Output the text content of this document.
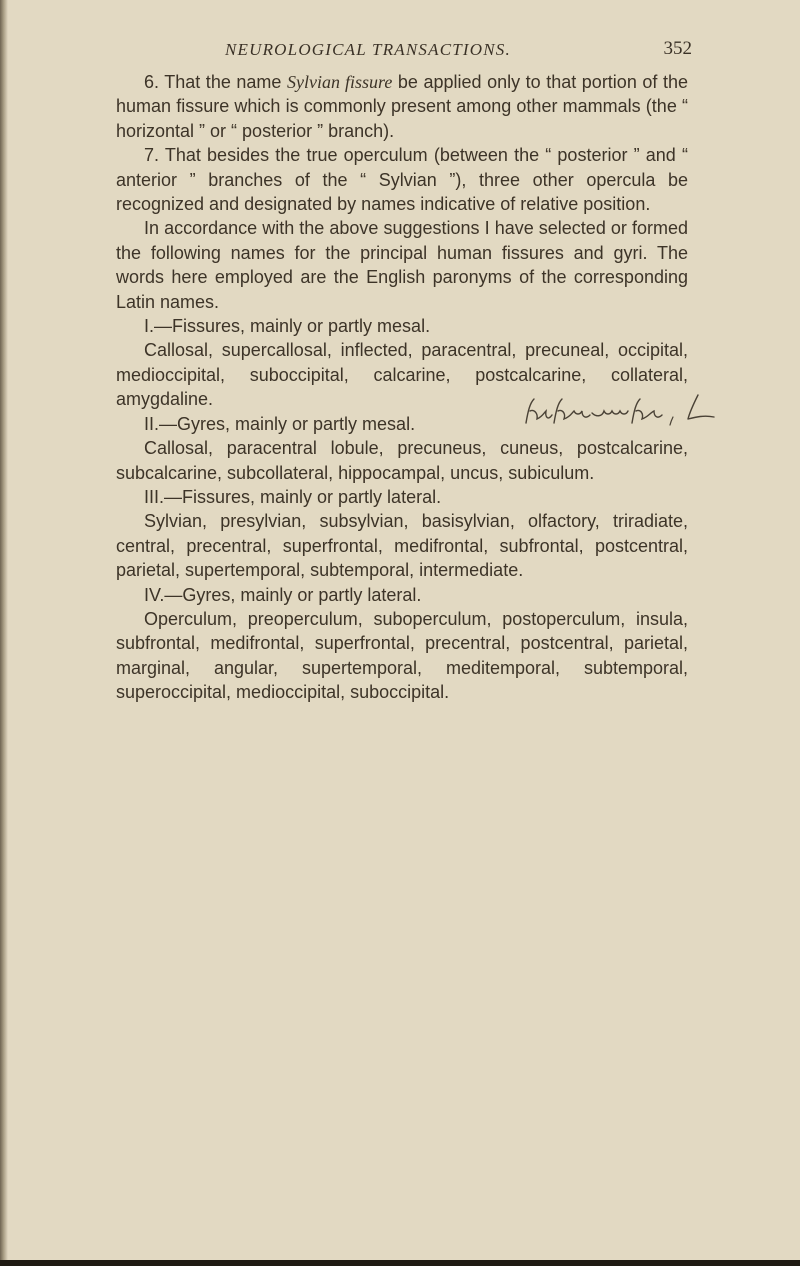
NEUROLOGICAL TRANSACTIONS.	352

6. That the name Sylvian fissure be applied only to that portion of the human fissure which is commonly present among other mammals (the “ horizontal ” or “ posterior ” branch).

7. That besides the true operculum (between the “ posterior ” and “ anterior ” branches of the “ Sylvian ”), three other opercula be recognized and designated by names indicative of relative position.

In accordance with the above suggestions I have selected or formed the following names for the principal human fissures and gyri. The words here employed are the English paronyms of the corresponding Latin names.

I.—Fissures, mainly or partly mesal.

Callosal, supercallosal, inflected, paracentral, precuneal, occipital, medioccipital, suboccipital, calcarine, postcalcarine, collateral, amygdaline.

II.—Gyres, mainly or partly mesal.

Callosal, paracentral lobule, precuneus, cuneus, postcalcarine, subcalcarine, subcollateral, hippocampal, uncus, subiculum.

III.—Fissures, mainly or partly lateral.

Sylvian, presylvian, subsylvian, basisylvian, olfactory, triradiate, central, precentral, superfrontal, medifrontal, subfrontal, postcentral, parietal, supertemporal, subtemporal, intermediate.

IV.—Gyres, mainly or partly lateral.

Operculum, preoperculum, suboperculum, postoperculum, insula, subfrontal, medifrontal, superfrontal, precentral, postcentral, parietal, marginal, angular, supertemporal, meditemporal, subtemporal, superoccipital, medioccipital, suboccipital.
